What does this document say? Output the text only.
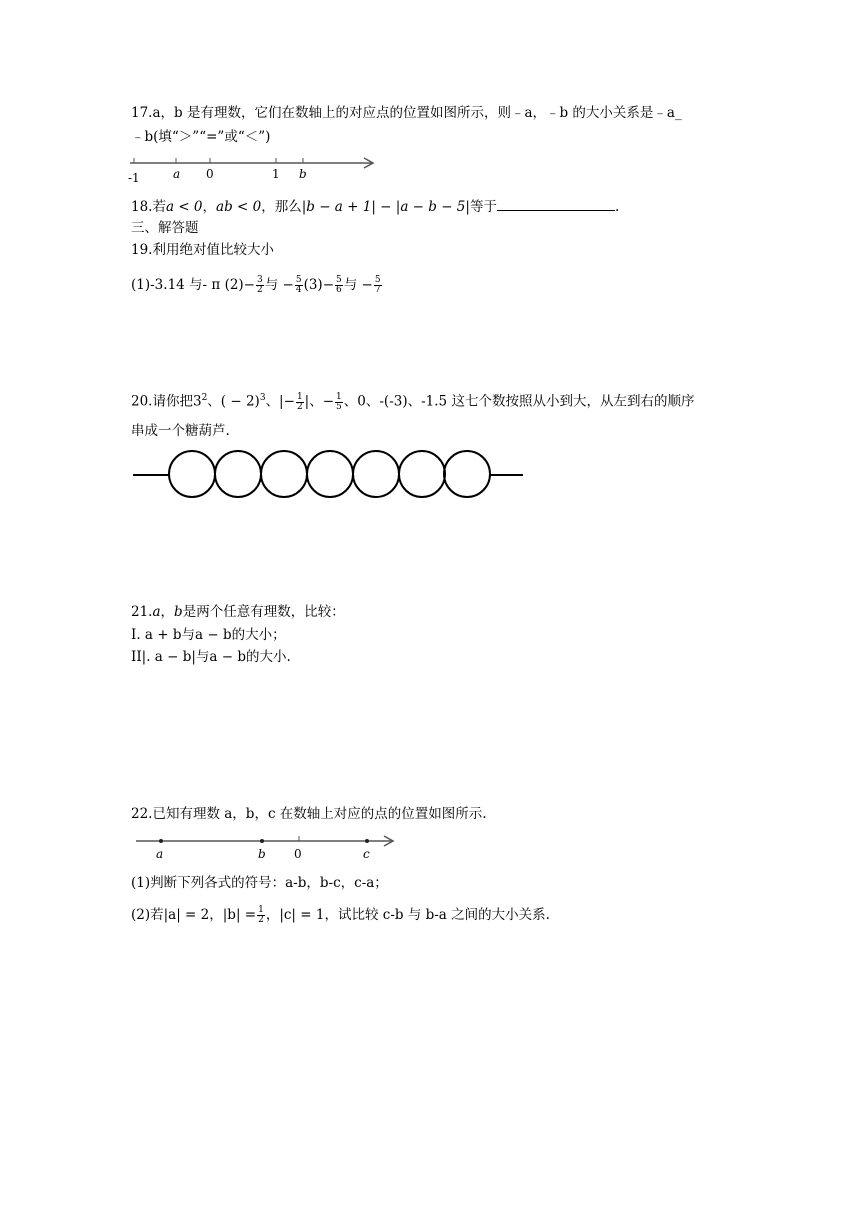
17.a，b 是有理数，它们在数轴上的对应点的位置如图所示，则﹣a，﹣b 的大小关系是﹣a_
﹣b(填“＞”“=”或“＜”)
-1	a 0	1 b
18.若a < 0，ab < 0，那么|b − a + 1| − |a − b − 5|等于	.
三、解答题
19.利用绝对值比较大小
(1)-3.14 与- π $(2)- \frac{3}{2}$ 与 − $\frac{5}{4} (3)- \frac{5}{6}$ 与 − $\frac{5}{7}$
20.请你把$3^2$、( − 2)$^3$、|− $\frac{1}{2}$ |、− $\frac{1}{5}$ 、0、-(-3)、-1.5 这七个数按照从小到大，从左到右的顺序
串成一个糖葫芦.
21.a，b是两个任意有理数，比较：
I. a + b与a − b的大小；
II|. a − b|与a − b的大小.
22.已知有理数 a，b，c 在数轴上对应的点的位置如图所示.
a	b 0	c
(1)判断下列各式的符号：a-b，b-c，c-a；
(2)若|a| = 2，$|b| = \frac{1}{2}$ ，|c| = 1，试比较 c-b 与 b-a 之间的大小关系.
